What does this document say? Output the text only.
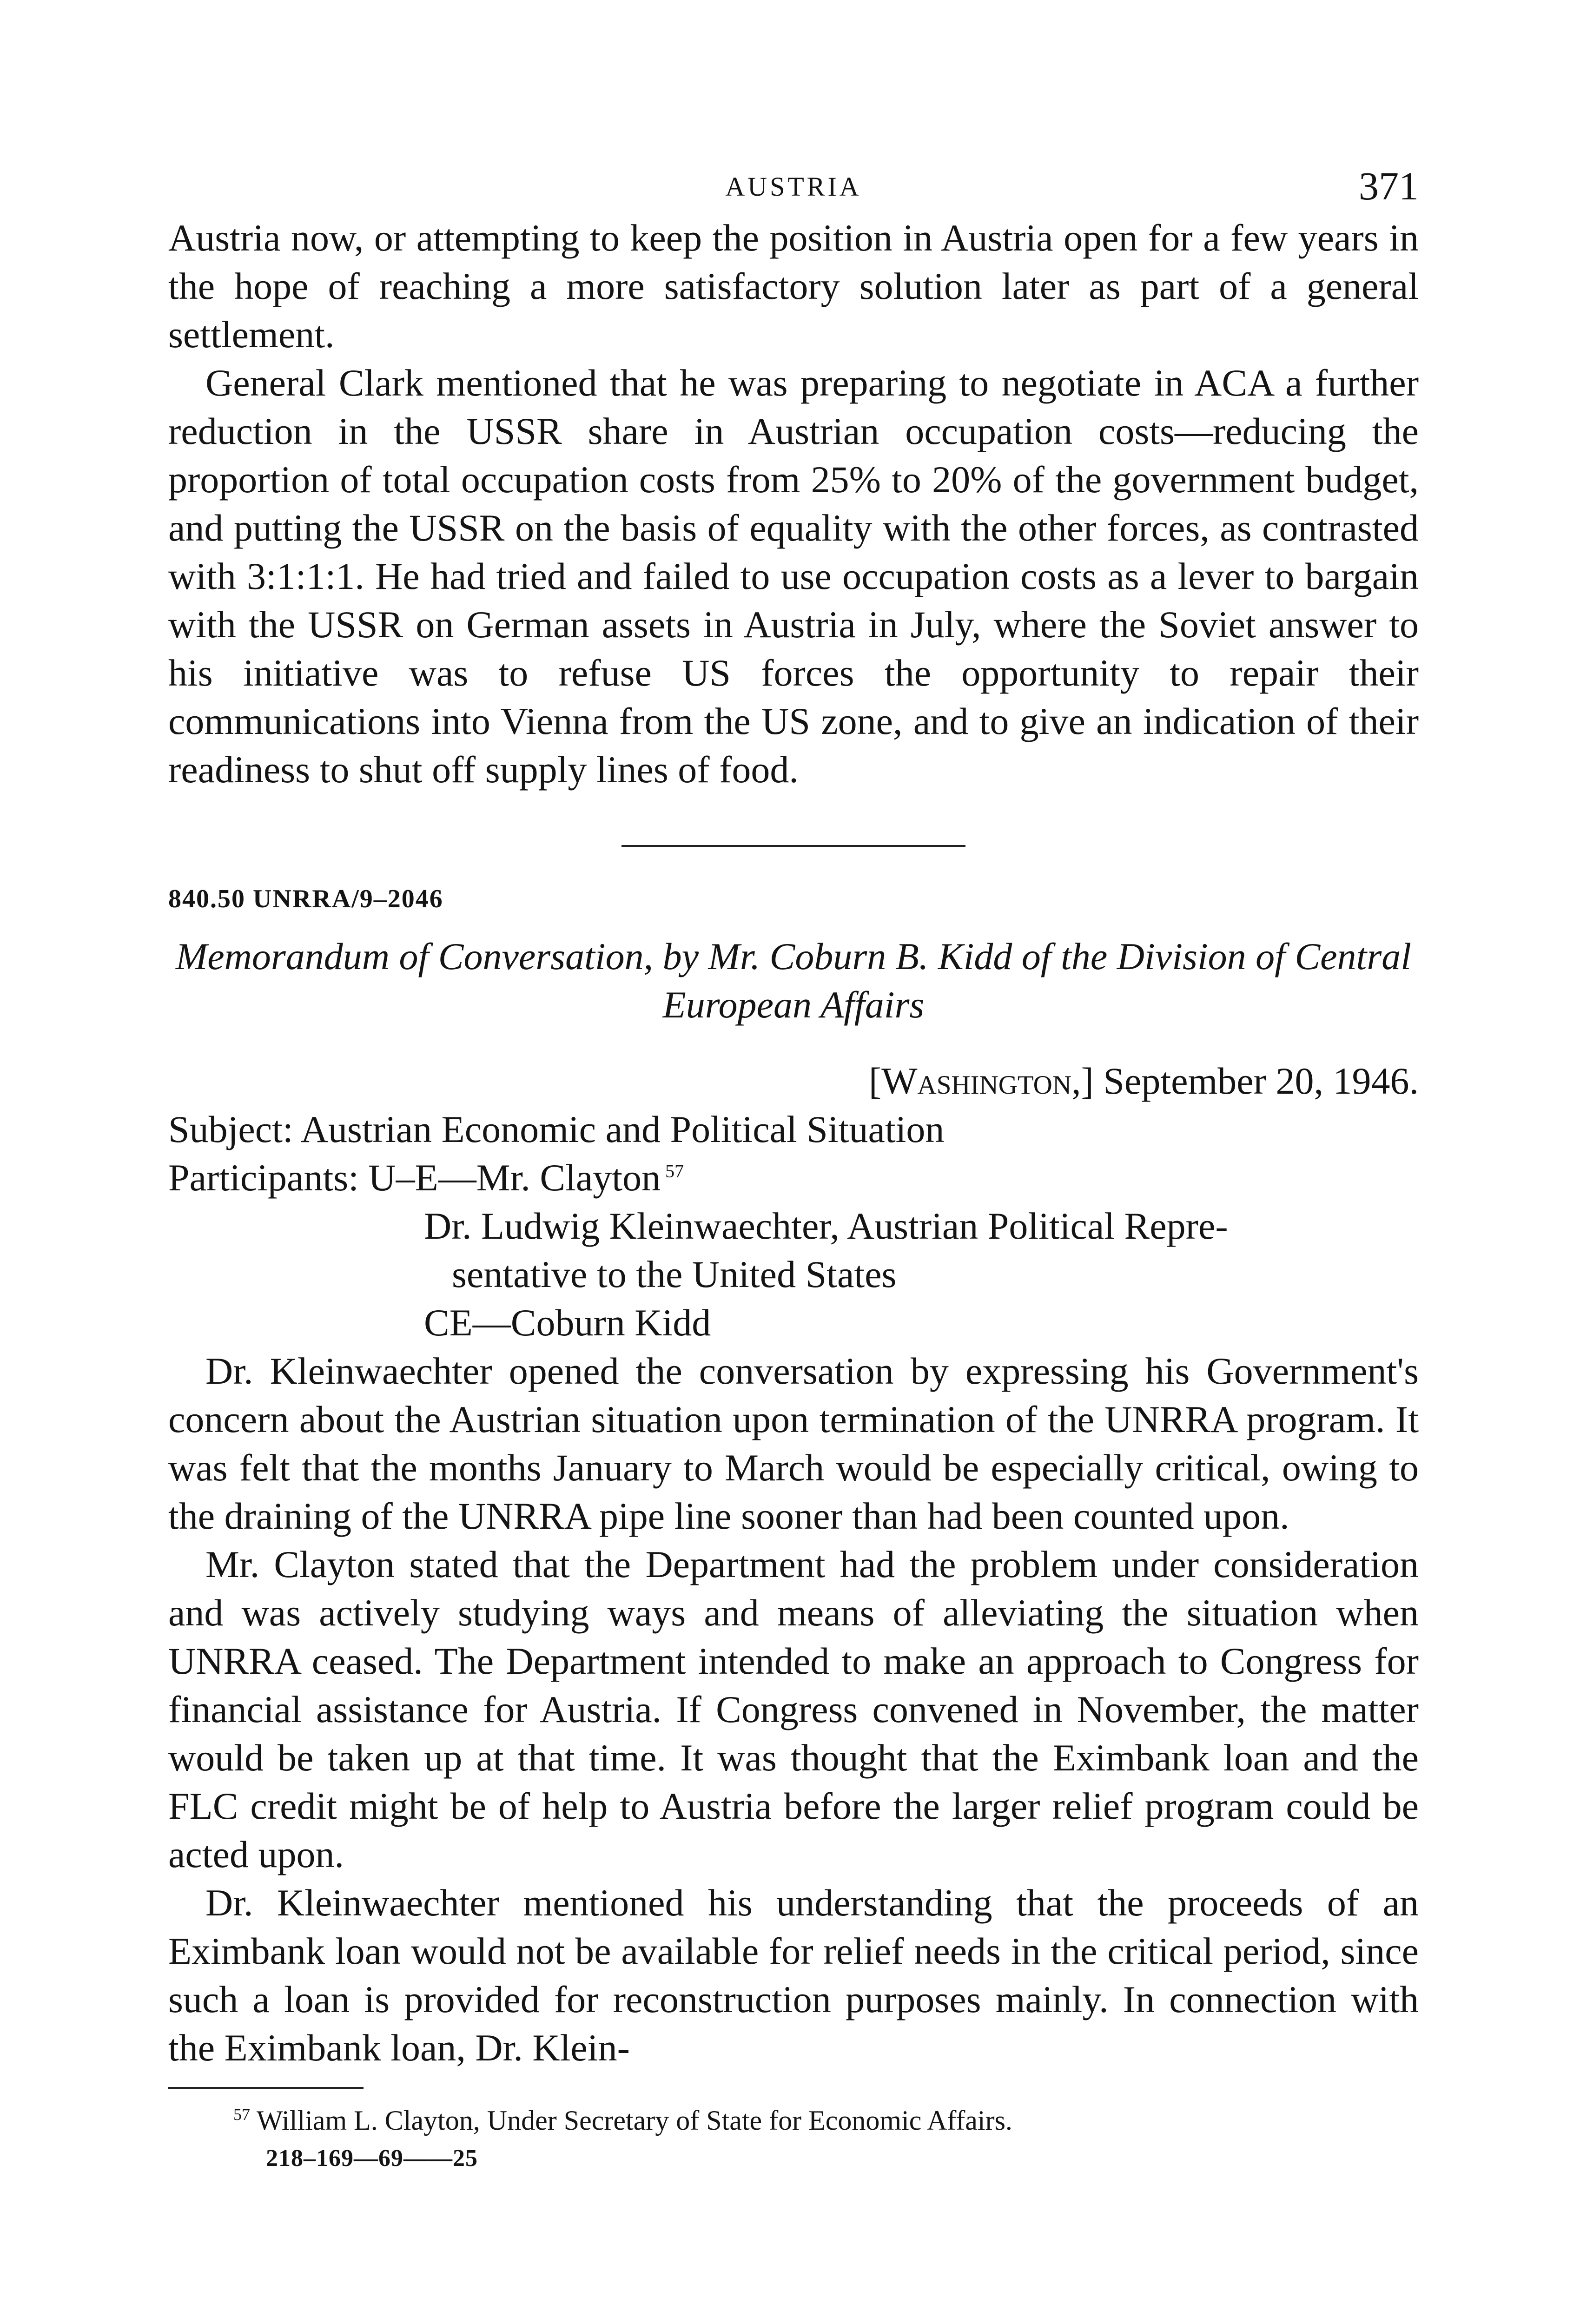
AUSTRIA	371

Austria now, or attempting to keep the position in Austria open for a few years in the hope of reaching a more satisfactory solution later as part of a general settlement.

General Clark mentioned that he was preparing to negotiate in ACA a further reduction in the USSR share in Austrian occupation costs—reducing the proportion of total occupation costs from 25% to 20% of the government budget, and putting the USSR on the basis of equality with the other forces, as contrasted with 3:1:1:1. He had tried and failed to use occupation costs as a lever to bargain with the USSR on German assets in Austria in July, where the Soviet answer to his initiative was to refuse US forces the opportunity to repair their communications into Vienna from the US zone, and to give an indication of their readiness to shut off supply lines of food.

840.50 UNRRA/9–2046
Memorandum of Conversation, by Mr. Coburn B. Kidd of the Division of Central European Affairs
[Washington,] September 20, 1946.
Subject: Austrian Economic and Political Situation
Participants: U–E—Mr. Clayton $^{57}$
Dr. Ludwig Kleinwaechter, Austrian Political Repre-
sentative to the United States
CE—Coburn Kidd

Dr. Kleinwaechter opened the conversation by expressing his Government's concern about the Austrian situation upon termination of the UNRRA program. It was felt that the months January to March would be especially critical, owing to the draining of the UNRRA pipe line sooner than had been counted upon.

Mr. Clayton stated that the Department had the problem under consideration and was actively studying ways and means of alleviating the situation when UNRRA ceased. The Department intended to make an approach to Congress for financial assistance for Austria. If Congress convened in November, the matter would be taken up at that time. It was thought that the Eximbank loan and the FLC credit might be of help to Austria before the larger relief program could be acted upon.

Dr. Kleinwaechter mentioned his understanding that the proceeds of an Eximbank loan would not be available for relief needs in the critical period, since such a loan is provided for reconstruction purposes mainly. In connection with the Eximbank loan, Dr. Klein-

$^{57}$ William L. Clayton, Under Secretary of State for Economic Affairs.
218–169—69——25
